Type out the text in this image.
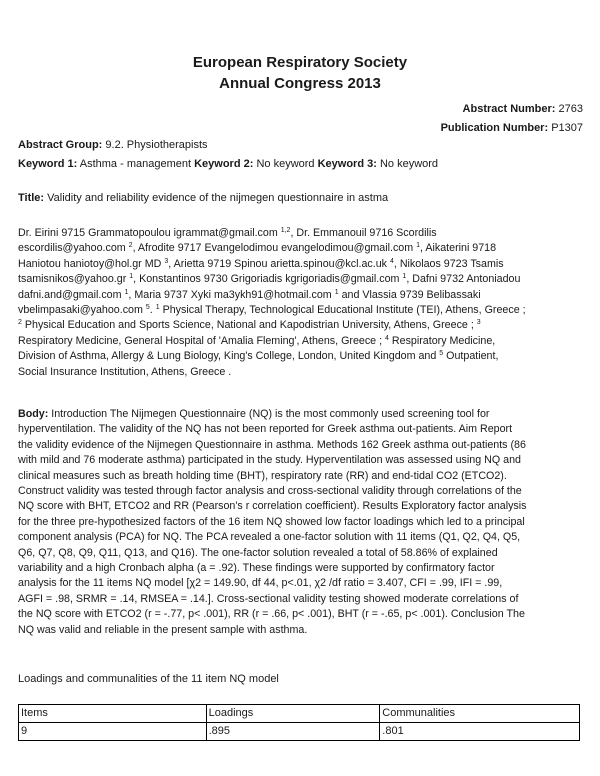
European Respiratory Society
Annual Congress 2013
Abstract Number: 2763
Publication Number: P1307
Abstract Group: 9.2. Physiotherapists
Keyword 1: Asthma - management Keyword 2: No keyword Keyword 3: No keyword
Title: Validity and reliability evidence of the nijmegen questionnaire in astma
Dr. Eirini 9715 Grammatopoulou igrammat@gmail.com $^{1,2}$, Dr. Emmanouil 9716 Scordilis
escordilis@yahoo.com $^2$, Afrodite 9717 Evangelodimou evangelodimou@gmail.com $^1$, Aikaterini 9718
Haniotou haniotoy@hol.gr MD $^3$, Arietta 9719 Spinou arietta.spinou@kcl.ac.uk $^4$, Nikolaos 9723 Tsamis
tsamisnikos@yahoo.gr $^1$, Konstantinos 9730 Grigoriadis kgrigoriadis@gmail.com $^1$, Dafni 9732 Antoniadou
dafni.and@gmail.com $^1$, Maria 9737 Xyki ma3ykh91@hotmail.com $^1$ and Vlassia 9739 Belibassaki
vbelimpasaki@yahoo.com $^5$. $^1$ Physical Therapy, Technological Educational Institute (TEI), Athens, Greece ;
$^2$ Physical Education and Sports Science, National and Kapodistrian University, Athens, Greece ; $^3$
Respiratory Medicine, General Hospital of 'Amalia Fleming', Athens, Greece ; $^4$ Respiratory Medicine,
Division of Asthma, Allergy & Lung Biology, King's College, London, United Kingdom and $^5$ Outpatient,
Social Insurance Institution, Athens, Greece .
Body: Introduction The Nijmegen Questionnaire (NQ) is the most commonly used screening tool for
hyperventilation. The validity of the NQ has not been reported for Greek asthma out-patients. Aim Report
the validity evidence of the Nijmegen Questionnaire in asthma. Methods 162 Greek asthma out-patients (86
with mild and 76 moderate asthma) participated in the study. Hyperventilation was assessed using NQ and
clinical measures such as breath holding time (BHT), respiratory rate (RR) and end-tidal CO2 (ETCO2).
Construct validity was tested through factor analysis and cross-sectional validity through correlations of the
NQ score with BHT, ETCO2 and RR (Pearson's r correlation coefficient). Results Exploratory factor analysis
for the three pre-hypothesized factors of the 16 item NQ showed low factor loadings which led to a principal
component analysis (PCA) for NQ. The PCA revealed a one-factor solution with 11 items (Q1, Q2, Q4, Q5,
Q6, Q7, Q8, Q9, Q11, Q13, and Q16). The one-factor solution revealed a total of 58.86% of explained
variability and a high Cronbach alpha (a = .92). These findings were supported by confirmatory factor
analysis for the 11 items NQ model [χ2 = 149.90, df 44, p<.01, χ2 /df ratio = 3.407, CFI = .99, IFI = .99,
AGFI = .98, SRMR = .14, RMSEA = .14.]. Cross-sectional validity testing showed moderate correlations of
the NQ score with ETCO2 (r = -.77, p< .001), RR (r = .66, p< .001), BHT (r = -.65, p< .001). Conclusion The
NQ was valid and reliable in the present sample with asthma.
Loadings and communalities of the 11 item NQ model
Items	Loadings	Communalities
9	.895	.801
